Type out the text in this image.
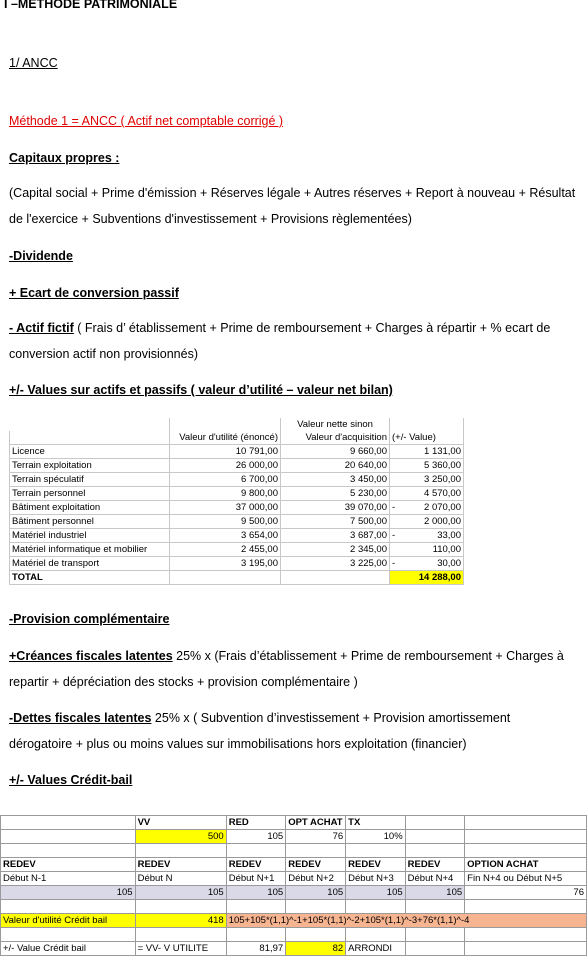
I –METHODE PATRIMONIALE
1/ ANCC
Méthode 1 = ANCC ( Actif net comptable corrigé )
Capitaux propres :
(Capital social + Prime d'émission + Réserves légale + Autres réserves + Report à nouveau + Résultat
de l'exercice + Subventions d'investissement + Provisions règlementées)
-Dividende
+ Ecart de conversion passif
- Actif fictif ( Frais d’ établissement + Prime de remboursement + Charges à répartir + % ecart de
conversion actif non provisionnés)
+/- Values sur actifs et passifs ( valeur d’utilité – valeur net bilan)
		Valeur nette sinon	
	Valeur d'utilité (énoncé)	Valeur d'acquisition	(+/- Value)
Licence	10 791,00	9 660,00	1 131,00

Terrain exploitation	26 000,00	20 640,00	5 360,00

Terrain spéculatif	6 700,00	3 450,00	3 250,00

Terrain personnel	9 800,00	5 230,00	4 570,00

Bâtiment exploitation	37 000,00	39 070,00	- 2 070,00

Bâtiment personnel	9 500,00	7 500,00	2 000,00

Matériel industriel	3 654,00	3 687,00	- 33,00

Matériel informatique et mobilier	2 455,00	2 345,00	110,00

Matériel de transport	3 195,00	3 225,00	- 30,00

TOTAL			14 288,00
-Provision complémentaire
+Créances fiscales latentes 25% x (Frais d’établissement + Prime de remboursement + Charges à
repartir + dépréciation des stocks + provision complémentaire )
-Dettes fiscales latentes 25% x ( Subvention d’investissement + Provision amortissement
dérogatoire + plus ou moins values sur immobilisations hors exploitation (financier)
+/- Values Crédit-bail
	VV	RED	OPT ACHAT	TX		
	500	105	76	10%		

REDEV	REDEV	REDEV	REDEV	REDEV	REDEV	OPTION ACHAT
Début N-1	Début N	Début N+1	Début N+2	Début N+3	Début N+4	Fin N+4 ou Début N+5
105	105	105	105	105	105	76

Valeur d'utilité Crédit bail	418	105+105*(1,1)^-1+105*(1,1)^-2+105*(1,1)^-3+76*(1,1)^-4				

+/- Value Crédit bail	= VV- V UTILITE	81,97	82	ARRONDI		
